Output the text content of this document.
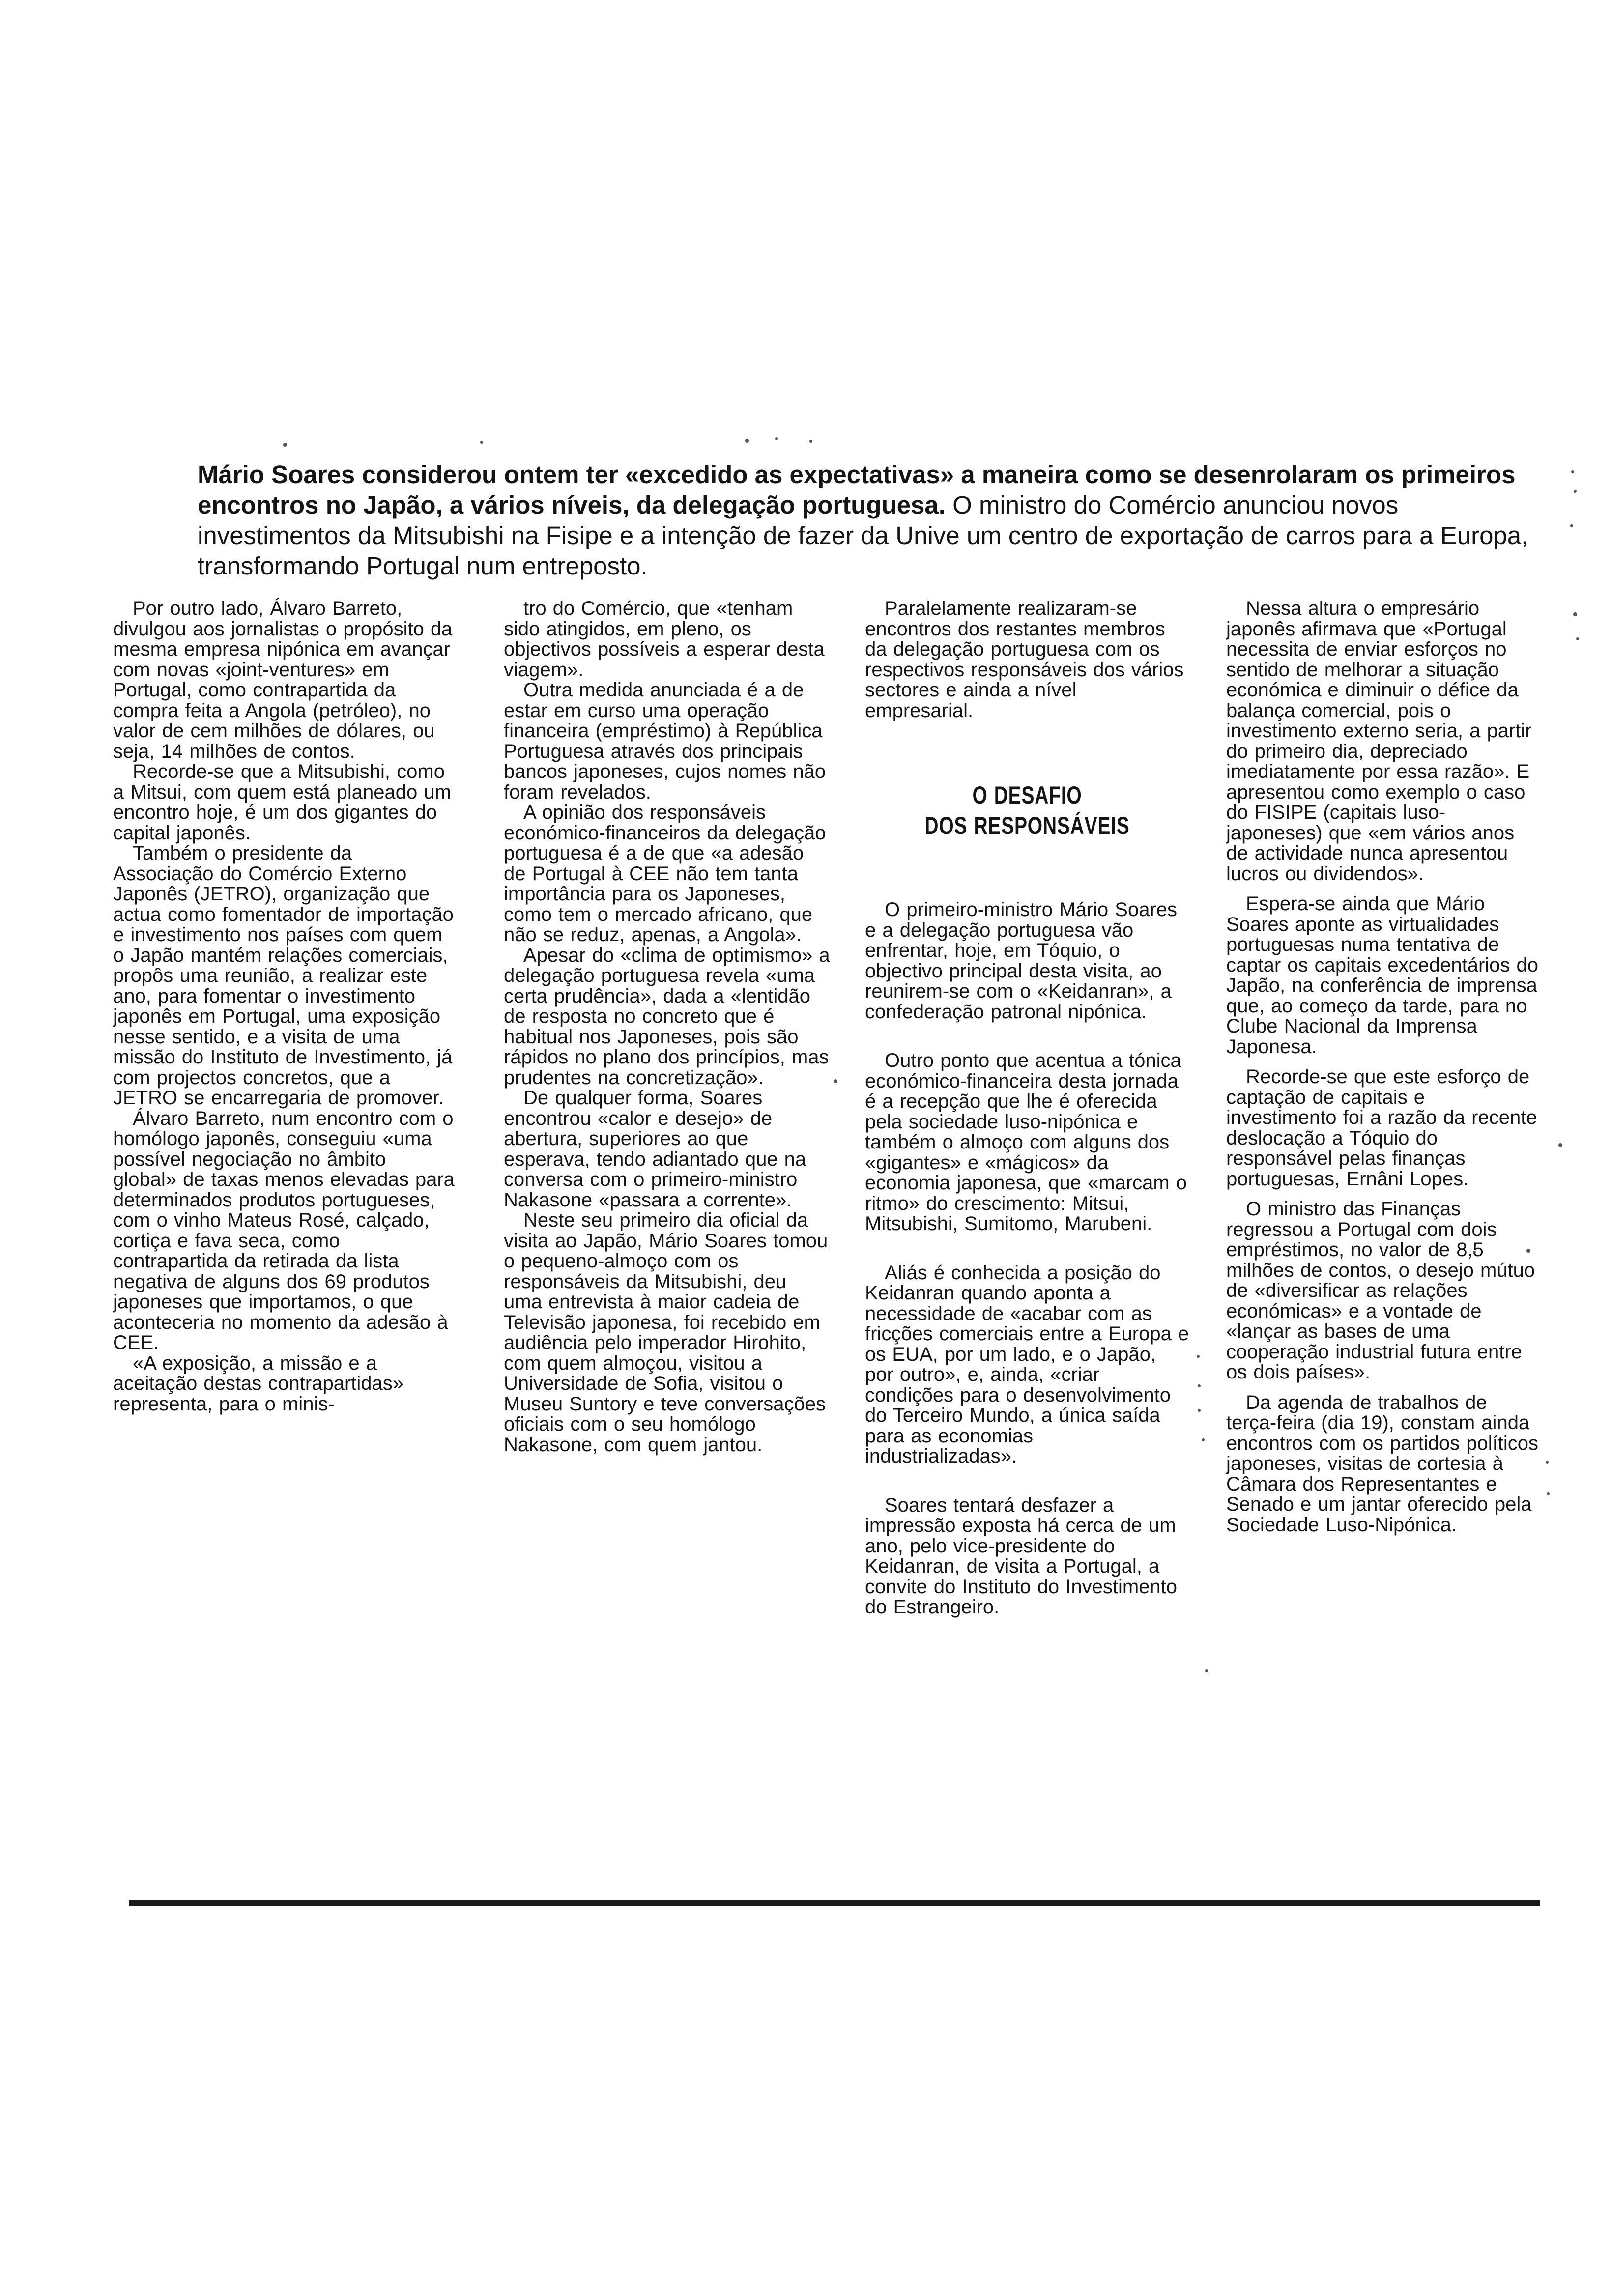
Mário Soares considerou ontem ter «excedido as expectativas» a maneira como se desenrolaram os primeiros encontros no Japão, a vários níveis, da delegação portuguesa. O ministro do Comércio anunciou novos investimentos da Mitsubishi na Fisipe e a intenção de fazer da Unive um centro de exportação de carros para a Europa, transformando Portugal num entreposto.

Por outro lado, Álvaro Barreto, divulgou aos jornalistas o propósito da mesma empresa nipónica em avançar com novas «joint-ventures» em Portugal, como contrapartida da compra feita a Angola (petróleo), no valor de cem milhões de dólares, ou seja, 14 milhões de contos.

Recorde-se que a Mitsubishi, como a Mitsui, com quem está planeado um encontro hoje, é um dos gigantes do capital japonês.

Também o presidente da Associação do Comércio Externo Japonês (JETRO), organização que actua como fomentador de importação e investimento nos países com quem o Japão mantém relações comerciais, propôs uma reunião, a realizar este ano, para fomentar o investimento japonês em Portugal, uma exposição nesse sentido, e a visita de uma missão do Instituto de Investimento, já com projectos concretos, que a JETRO se encarregaria de promover.

Álvaro Barreto, num encontro com o homólogo japonês, conseguiu «uma possível negociação no âmbito global» de taxas menos elevadas para determinados produtos portugueses, com o vinho Mateus Rosé, calçado, cortiça e fava seca, como contrapartida da retirada da lista negativa de alguns dos 69 produtos japoneses que importamos, o que aconteceria no momento da adesão à CEE.

«A exposição, a missão e a aceitação destas contrapartidas» representa, para o minis-

tro do Comércio, que «tenham sido atingidos, em pleno, os objectivos possíveis a esperar desta viagem».

Outra medida anunciada é a de estar em curso uma operação financeira (empréstimo) à República Portuguesa através dos principais bancos japoneses, cujos nomes não foram revelados.

A opinião dos responsáveis económico-financeiros da delegação portuguesa é a de que «a adesão de Portugal à CEE não tem tanta importância para os Japoneses, como tem o mercado africano, que não se reduz, apenas, a Angola».

Apesar do «clima de optimismo» a delegação portuguesa revela «uma certa prudência», dada a «lentidão de resposta no concreto que é habitual nos Japoneses, pois são rápidos no plano dos princípios, mas prudentes na concretização».

De qualquer forma, Soares encontrou «calor e desejo» de abertura, superiores ao que esperava, tendo adiantado que na conversa com o primeiro-ministro Nakasone «passara a corrente».

Neste seu primeiro dia oficial da visita ao Japão, Mário Soares tomou o pequeno-almoço com os responsáveis da Mitsubishi, deu uma entrevista à maior cadeia de Televisão japonesa, foi recebido em audiência pelo imperador Hirohito, com quem almoçou, visitou a Universidade de Sofia, visitou o Museu Suntory e teve conversações oficiais com o seu homólogo Nakasone, com quem jantou.

Paralelamente realizaram-se encontros dos restantes membros da delegação portuguesa com os respectivos responsáveis dos vários sectores e ainda a nível empresarial.

O DESAFIO
DOS RESPONSÁVEIS

O primeiro-ministro Mário Soares e a delegação portuguesa vão enfrentar, hoje, em Tóquio, o objectivo principal desta visita, ao reunirem-se com o «Keidanran», a confederação patronal nipónica.

Outro ponto que acentua a tónica económico-financeira desta jornada é a recepção que lhe é oferecida pela sociedade luso-nipónica e também o almoço com alguns dos «gigantes» e «mágicos» da economia japonesa, que «marcam o ritmo» do crescimento: Mitsui, Mitsubishi, Sumitomo, Marubeni.

Aliás é conhecida a posição do Keidanran quando aponta a necessidade de «acabar com as fricções comerciais entre a Europa e os EUA, por um lado, e o Japão, por outro», e, ainda, «criar condições para o desenvolvimento do Terceiro Mundo, a única saída para as economias industrializadas».

Soares tentará desfazer a impressão exposta há cerca de um ano, pelo vice-presidente do Keidanran, de visita a Portugal, a convite do Instituto do Investimento do Estrangeiro.

Nessa altura o empresário japonês afirmava que «Portugal necessita de enviar esforços no sentido de melhorar a situação económica e diminuir o défice da balança comercial, pois o investimento externo seria, a partir do primeiro dia, depreciado imediatamente por essa razão». E apresentou como exemplo o caso do FISIPE (capitais luso-japoneses) que «em vários anos de actividade nunca apresentou lucros ou dividendos».

Espera-se ainda que Mário Soares aponte as virtualidades portuguesas numa tentativa de captar os capitais excedentários do Japão, na conferência de imprensa que, ao começo da tarde, para no Clube Nacional da Imprensa Japonesa.

Recorde-se que este esforço de captação de capitais e investimento foi a razão da recente deslocação a Tóquio do responsável pelas finanças portuguesas, Ernâni Lopes.

O ministro das Finanças regressou a Portugal com dois empréstimos, no valor de 8,5 milhões de contos, o desejo mútuo de «diversificar as relações económicas» e a vontade de «lançar as bases de uma cooperação industrial futura entre os dois países».

Da agenda de trabalhos de terça-feira (dia 19), constam ainda encontros com os partidos políticos japoneses, visitas de cortesia à Câmara dos Representantes e Senado e um jantar oferecido pela Sociedade Luso-Nipónica.
